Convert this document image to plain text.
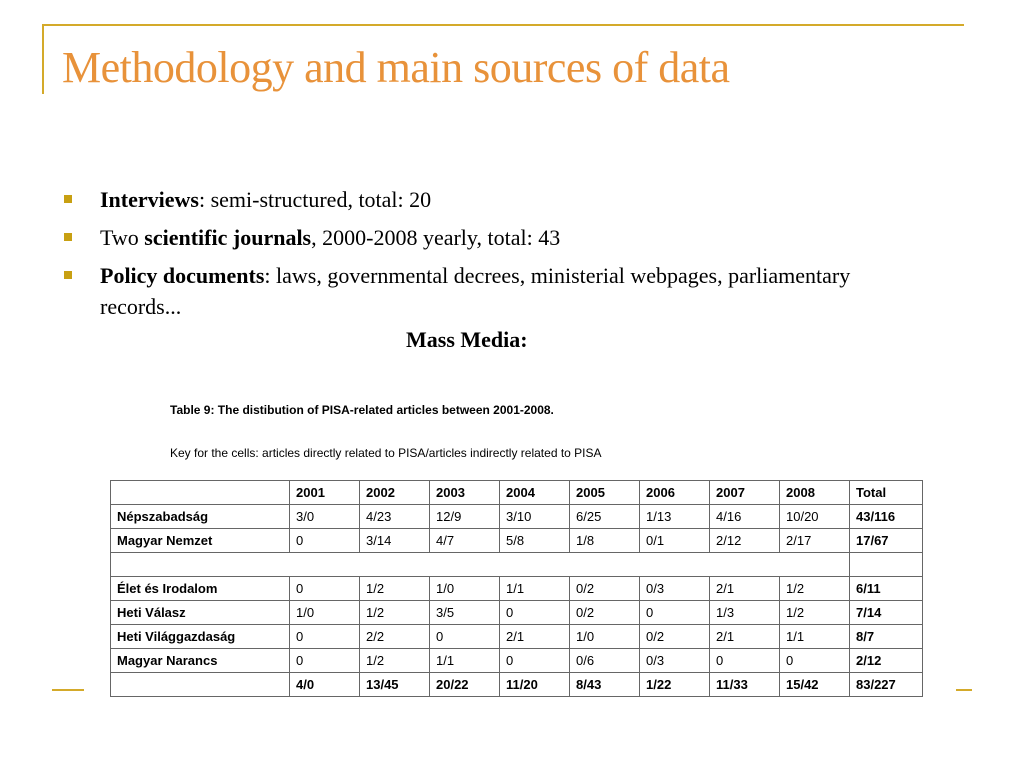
Methodology and main sources of data
Interviews: semi-structured, total: 20
Two scientific journals, 2000-2008 yearly, total: 43
Policy documents: laws, governmental decrees, ministerial webpages, parliamentary records...
Mass Media:
Table 9: The distibution of PISA-related articles between 2001-2008.
Key for the cells: articles directly related to PISA/articles indirectly related to PISA
	2001	2002	2003	2004	2005	2006	2007	2008	Total
Népszabadság	3/0	4/23	12/9	3/10	6/25	1/13	4/16	10/20	43/116
Magyar Nemzet	0	3/14	4/7	5/8	1/8	0/1	2/12	2/17	17/67

Élet és Irodalom	0	1/2	1/0	1/1	0/2	0/3	2/1	1/2	6/11
Heti Válasz	1/0	1/2	3/5	0	0/2	0	1/3	1/2	7/14
Heti Világgazdaság	0	2/2	0	2/1	1/0	0/2	2/1	1/1	8/7
Magyar Narancs	0	1/2	1/1	0	0/6	0/3	0	0	2/12
	4/0	13/45	20/22	11/20	8/43	1/22	11/33	15/42	83/227
